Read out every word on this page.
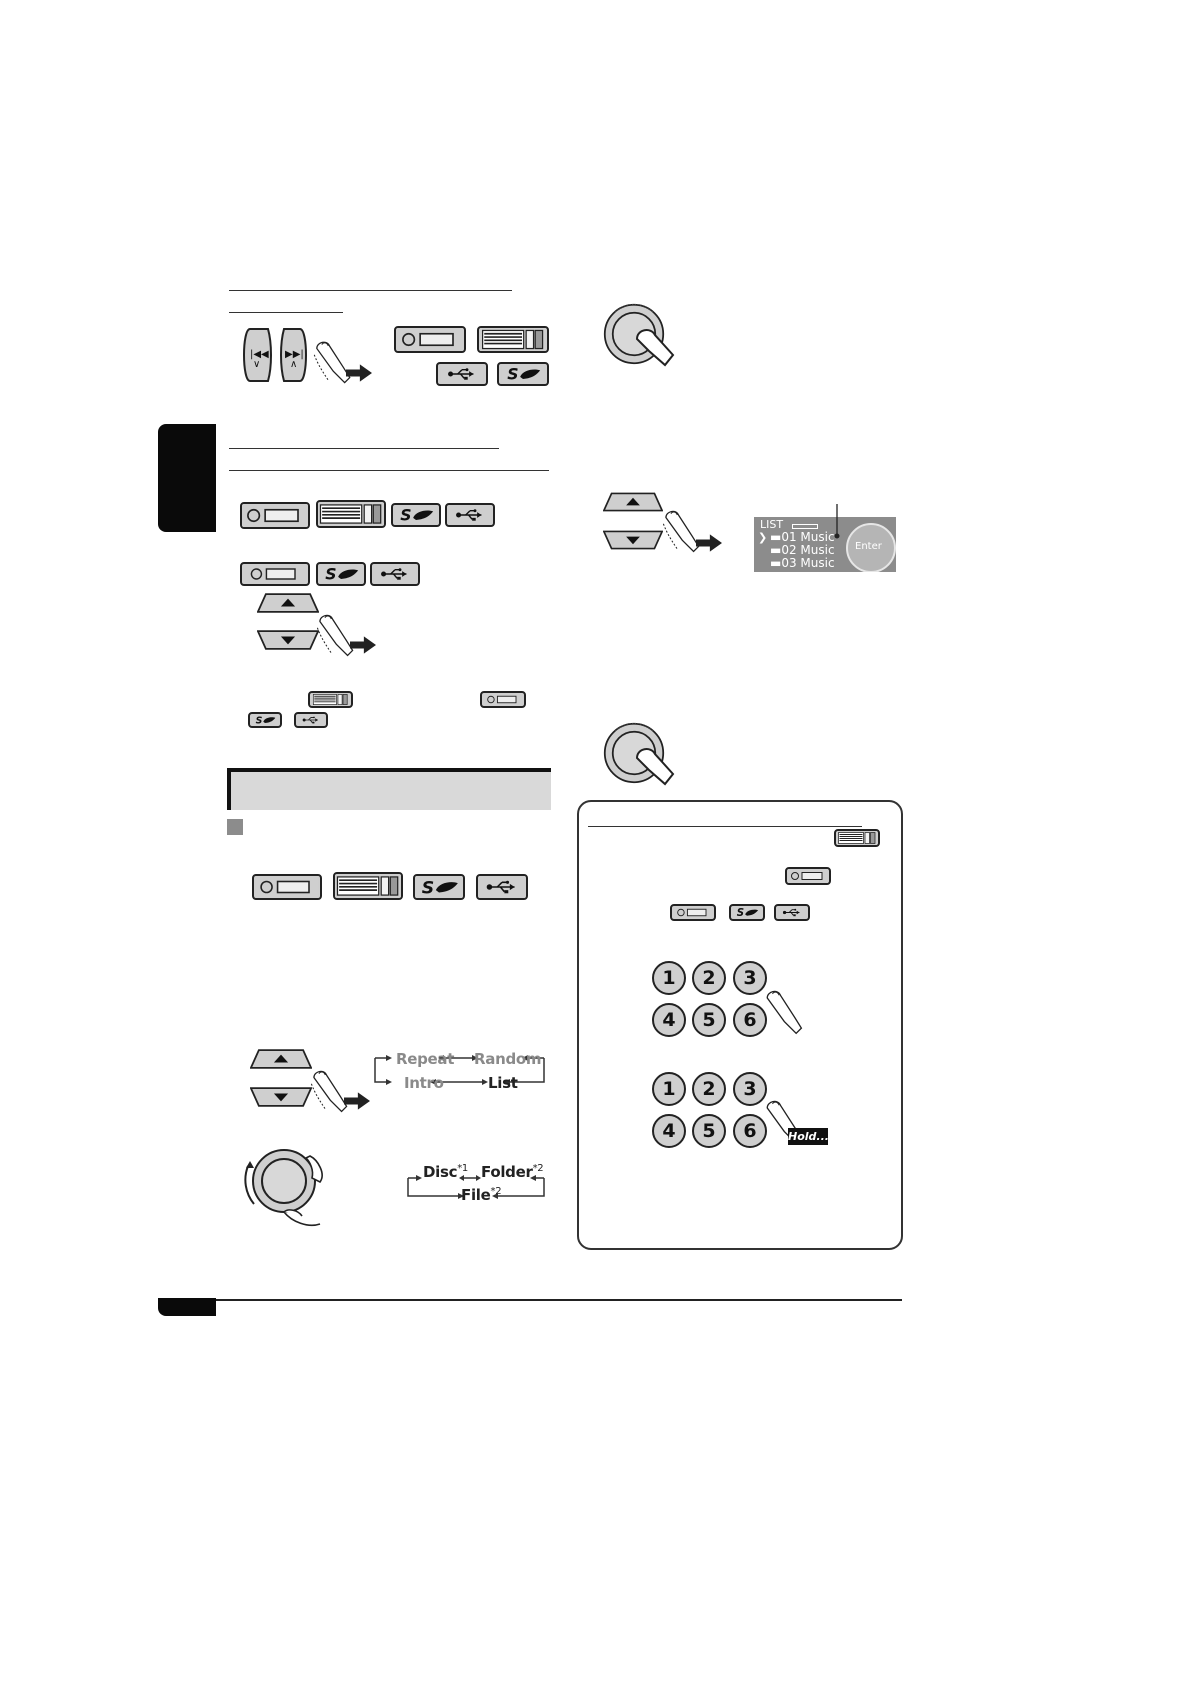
|◀◀
∨
▶▶|
∧
Repeat Random
Intro	List
Disc$^{*1}$ Folder$^{*2}$
File$^{*2}$
Enter
LIST
❯ ▬01 Music
▬02 Music
▬03 Music
1	2	3
4	5	6
1	2	3
4	5	6	Hold....
